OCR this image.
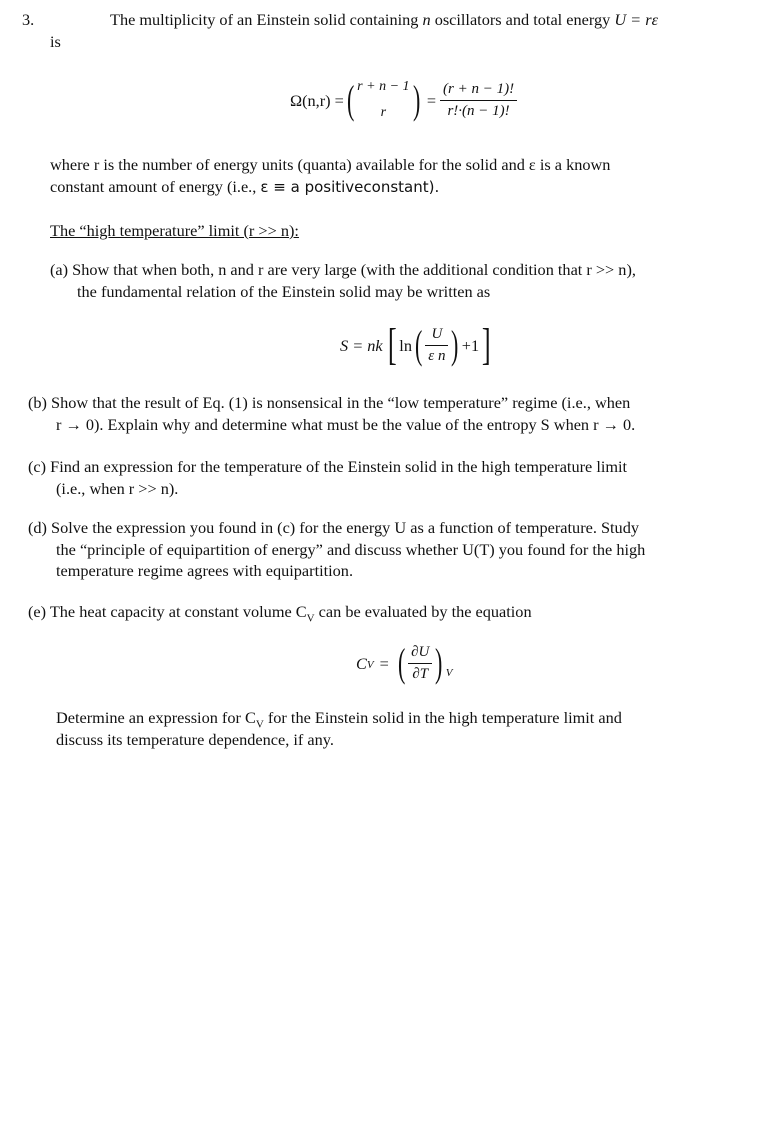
3.	The multiplicity of an Einstein solid containing n oscillators and total energy U = rε
is
Ω(n,r) = ( r + n − 1
r ) = $\frac{(r + n - 1)!}{r!\cdot(n - 1)!}$
where r is the number of energy units (quanta) available for the solid and ε is a known
constant amount of energy (i.e., ε ≡ a positiveconstant).
The “high temperature” limit (r >> n):
(a) Show that when both, n and r are very large (with the additional condition that r >> n),
the fundamental relation of the Einstein solid may be written as
S = nk [ ln ( $\frac{U}{\text{ε n}}$ ) +1 ]
(b) Show that the result of Eq. (1) is nonsensical in the “low temperature” regime (i.e., when
r → 0). Explain why and determine what must be the value of the entropy S when r → 0.
(c) Find an expression for the temperature of the Einstein solid in the high temperature limit
(i.e., when r >> n).
(d) Solve the expression you found in (c) for the energy U as a function of temperature. Study
the “principle of equipartition of energy” and discuss whether U(T) you found for the high
temperature regime agrees with equipartition.
(e) The heat capacity at constant volume $C_V$ can be evaluated by the equation
C V = ( $\frac{\partial U}{\partial T}$ ) V
Determine an expression for $C_V$ for the Einstein solid in the high temperature limit and
discuss its temperature dependence, if any.
